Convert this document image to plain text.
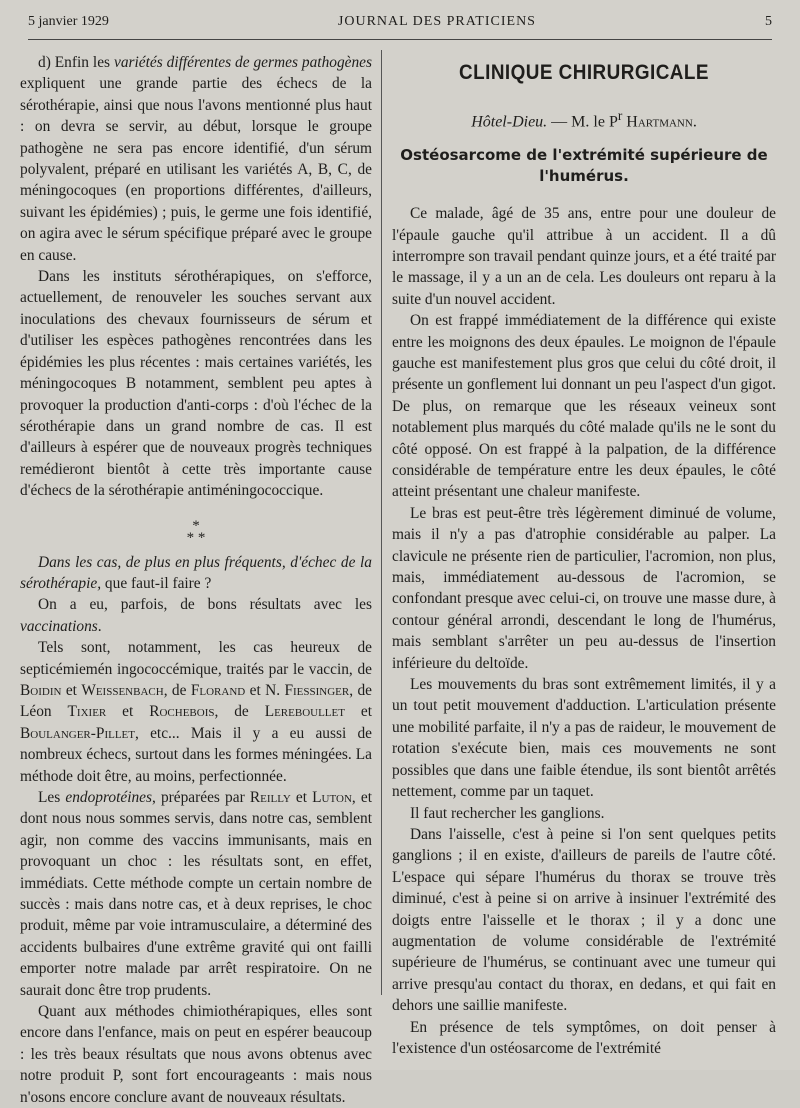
5 janvier 1929	JOURNAL DES PRATICIENS	5

d) Enfin les variétés différentes de germes pathogènes expliquent une grande partie des échecs de la sérothérapie, ainsi que nous l'avons mentionné plus haut : on devra se servir, au début, lorsque le groupe pathogène ne sera pas encore identifié, d'un sérum polyvalent, préparé en utilisant les variétés A, B, C, de méningocoques (en proportions différentes, d'ailleurs, suivant les épidémies) ; puis, le germe une fois identifié, on agira avec le sérum spécifique préparé avec le groupe en cause.

Dans les instituts sérothérapiques, on s'efforce, actuellement, de renouveler les souches servant aux inoculations des chevaux fournisseurs de sérum et d'utiliser les espèces pathogènes rencontrées dans les épidémies les plus récentes : mais certaines variétés, les méningocoques B notamment, semblent peu aptes à provoquer la production d'anti-corps : d'où l'échec de la sérothérapie dans un grand nombre de cas. Il est d'ailleurs à espérer que de nouveaux progrès techniques remédieront bientôt à cette très importante cause d'échecs de la sérothérapie antiméningococcique.

*
* *

Dans les cas, de plus en plus fréquents, d'échec de la sérothérapie, que faut-il faire ?

On a eu, parfois, de bons résultats avec les vaccinations.

Tels sont, notamment, les cas heureux de septicémiemén ingococcémique, traités par le vaccin, de Boidin et Weissenbach, de Florand et N. Fiessinger, de Léon Tixier et Rochebois, de Lereboullet et Boulanger-Pillet, etc... Mais il y a eu aussi de nombreux échecs, surtout dans les formes méningées. La méthode doit être, au moins, perfectionnée.

Les endoprotéines, préparées par Reilly et Luton, et dont nous nous sommes servis, dans notre cas, semblent agir, non comme des vaccins immunisants, mais en provoquant un choc : les résultats sont, en effet, immédiats. Cette méthode compte un certain nombre de succès : mais dans notre cas, et à deux reprises, le choc produit, même par voie intramusculaire, a déterminé des accidents bulbaires d'une extrême gravité qui ont failli emporter notre malade par arrêt respiratoire. On ne saurait donc être trop prudents.

Quant aux méthodes chimiothérapiques, elles sont encore dans l'enfance, mais on peut en espérer beaucoup : les très beaux résultats que nous avons obtenus avec notre produit P, sont fort encourageants : mais nous n'osons encore conclure avant de nouveaux résultats.

CLINIQUE CHIRURGICALE
Hôtel-Dieu. — M. le $P^r$ Hartmann.
Ostéosarcome de l'extrémité supérieure de l'humérus.

Ce malade, âgé de 35 ans, entre pour une douleur de l'épaule gauche qu'il attribue à un accident. Il a dû interrompre son travail pendant quinze jours, et a été traité par le massage, il y a un an de cela. Les douleurs ont reparu à la suite d'un nouvel accident.

On est frappé immédiatement de la différence qui existe entre les moignons des deux épaules. Le moignon de l'épaule gauche est manifestement plus gros que celui du côté droit, il présente un gonflement lui donnant un peu l'aspect d'un gigot. De plus, on remarque que les réseaux veineux sont notablement plus marqués du côté malade qu'ils ne le sont du côté opposé. On est frappé à la palpation, de la différence considérable de température entre les deux épaules, le côté atteint présentant une chaleur manifeste.

Le bras est peut-être très légèrement diminué de volume, mais il n'y a pas d'atrophie considérable au palper. La clavicule ne présente rien de particulier, l'acromion, non plus, mais, immédiatement au-dessous de l'acromion, se confondant presque avec celui-ci, on trouve une masse dure, à contour général arrondi, descendant le long de l'humérus, mais semblant s'arrêter un peu au-dessus de l'insertion inférieure du deltoïde.

Les mouvements du bras sont extrêmement limités, il y a un tout petit mouvement d'adduction. L'articulation présente une mobilité parfaite, il n'y a pas de raideur, le mouvement de rotation s'exécute bien, mais ces mouvements ne sont possibles que dans une faible étendue, ils sont bientôt arrêtés nettement, comme par un taquet.

Il faut rechercher les ganglions.

Dans l'aisselle, c'est à peine si l'on sent quelques petits ganglions ; il en existe, d'ailleurs de pareils de l'autre côté. L'espace qui sépare l'humérus du thorax se trouve très diminué, c'est à peine si on arrive à insinuer l'extrémité des doigts entre l'aisselle et le thorax ; il y a donc une augmentation de volume considérable de l'extrémité supérieure de l'humérus, se continuant avec une tumeur qui arrive presqu'au contact du thorax, en dedans, et qui fait en dehors une saillie manifeste.

En présence de tels symptômes, on doit penser à l'existence d'un ostéosarcome de l'extrémité
